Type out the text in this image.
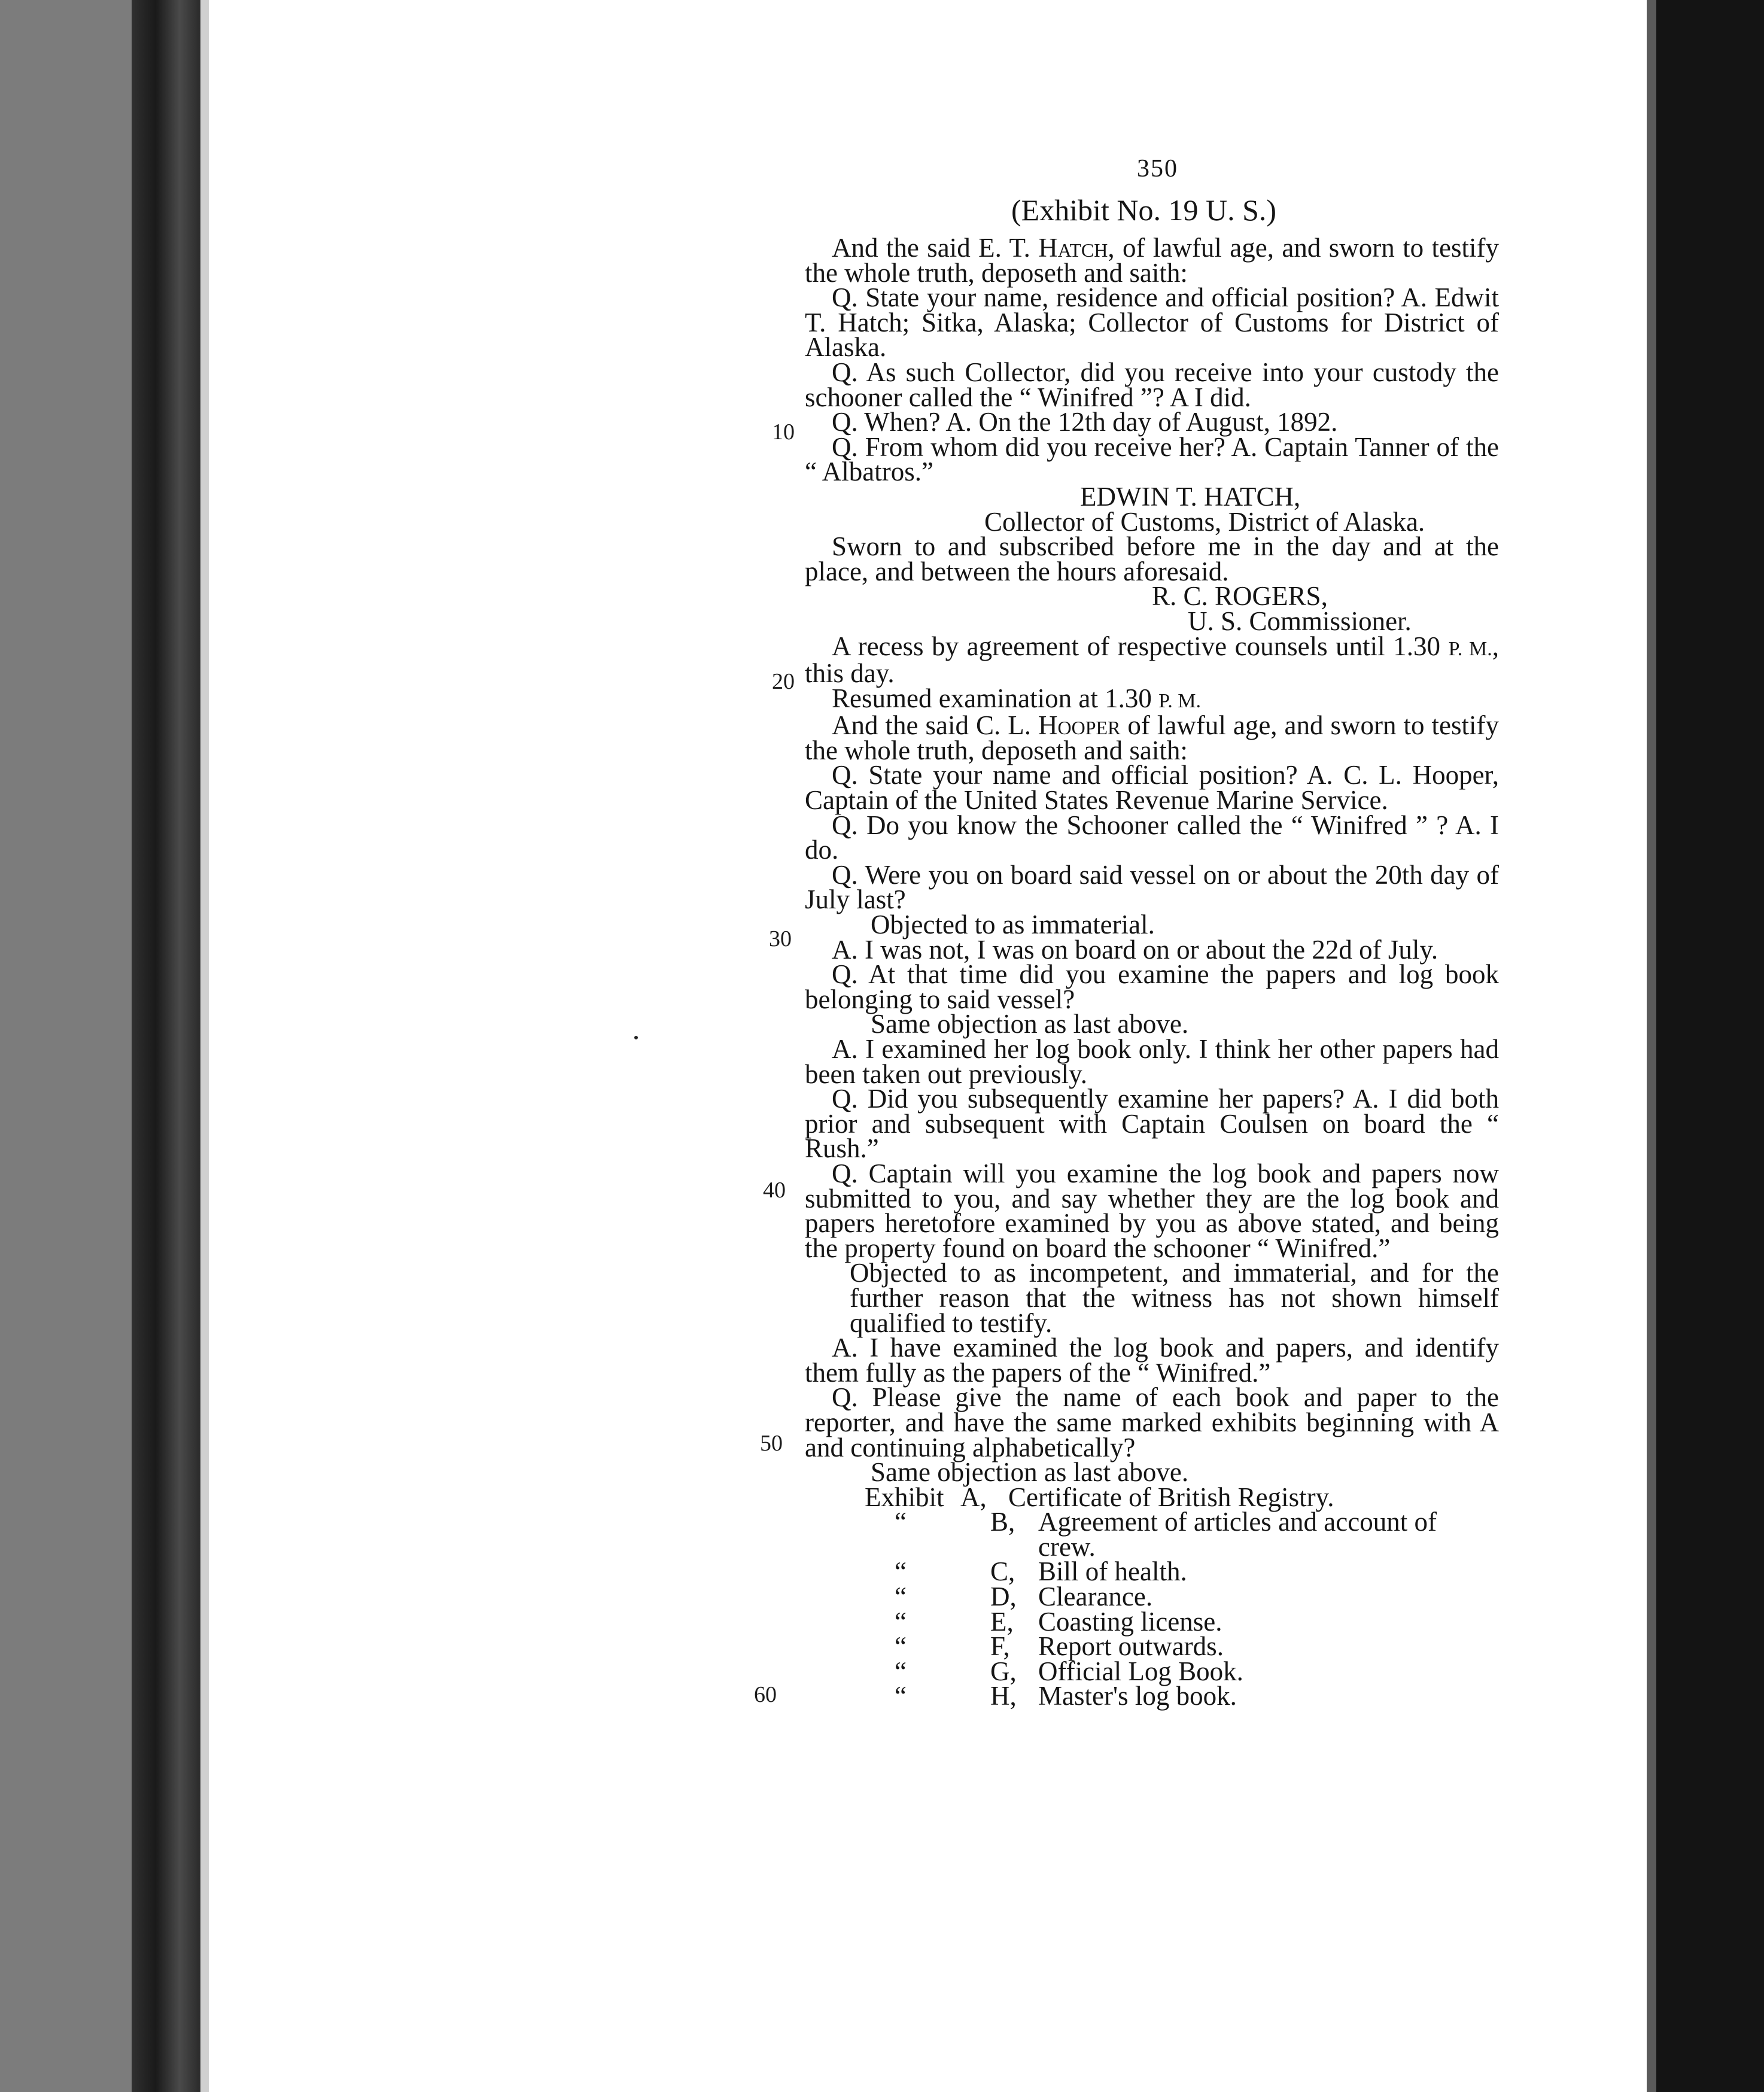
350
(Exhibit No. 19 U. S.)
10
20
30
40
50
60

And the said E. T. Hatch, of lawful age, and sworn to testify the whole truth, deposeth and saith:

Q. State your name, residence and official position? A. Edwit T. Hatch; Sitka, Alaska; Collector of Customs for District of Alaska.

Q. As such Collector, did you receive into your custody the schooner called the “ Winifred ”? A I did.

Q. When? A. On the 12th day of August, 1892.

Q. From whom did you receive her? A. Captain Tanner of the “ Albatros.”

EDWIN T. HATCH,

Collector of Customs, District of Alaska.

Sworn to and subscribed before me in the day and at the place, and between the hours aforesaid.

R. C. ROGERS,

U. S. Commissioner.

A recess by agreement of respective counsels until 1.30 P. M., this day.

Resumed examination at 1.30 P. M.

And the said C. L. Hooper of lawful age, and sworn to testify the whole truth, deposeth and saith:

Q. State your name and official position? A. C. L. Hooper, Captain of the United States Revenue Marine Service.

Q. Do you know the Schooner called the “ Winifred ” ? A. I do.

Q. Were you on board said vessel on or about the 20th day of July last?

Objected to as immaterial.

A. I was not, I was on board on or about the 22d of July.

Q. At that time did you examine the papers and log book belonging to said vessel?

Same objection as last above.

A. I examined her log book only. I think her other papers had been taken out previously.

Q. Did you subsequently examine her papers? A. I did both prior and subsequent with Captain Coulsen on board the “ Rush.”

Q. Captain will you examine the log book and papers now submitted to you, and say whether they are the log book and papers heretofore examined by you as above stated, and being the property found on board the schooner “ Winifred.”

Objected to as incompetent, and immaterial, and for the further reason that the witness has not shown himself qualified to testify.

A. I have examined the log book and papers, and identify them fully as the papers of the “ Winifred.”

Q. Please give the name of each book and paper to the reporter, and have the same marked exhibits beginning with A and continuing alphabetically?

Same objection as last above.

Exhibit A, Certificate of British Registry.
“	B, Agreement of articles and account of crew.
“	C, Bill of health.
“	D, Clearance.
“	E, Coasting license.
“	F,	Report outwards.
“	G, Official Log Book.
“	H, Master's log book.
